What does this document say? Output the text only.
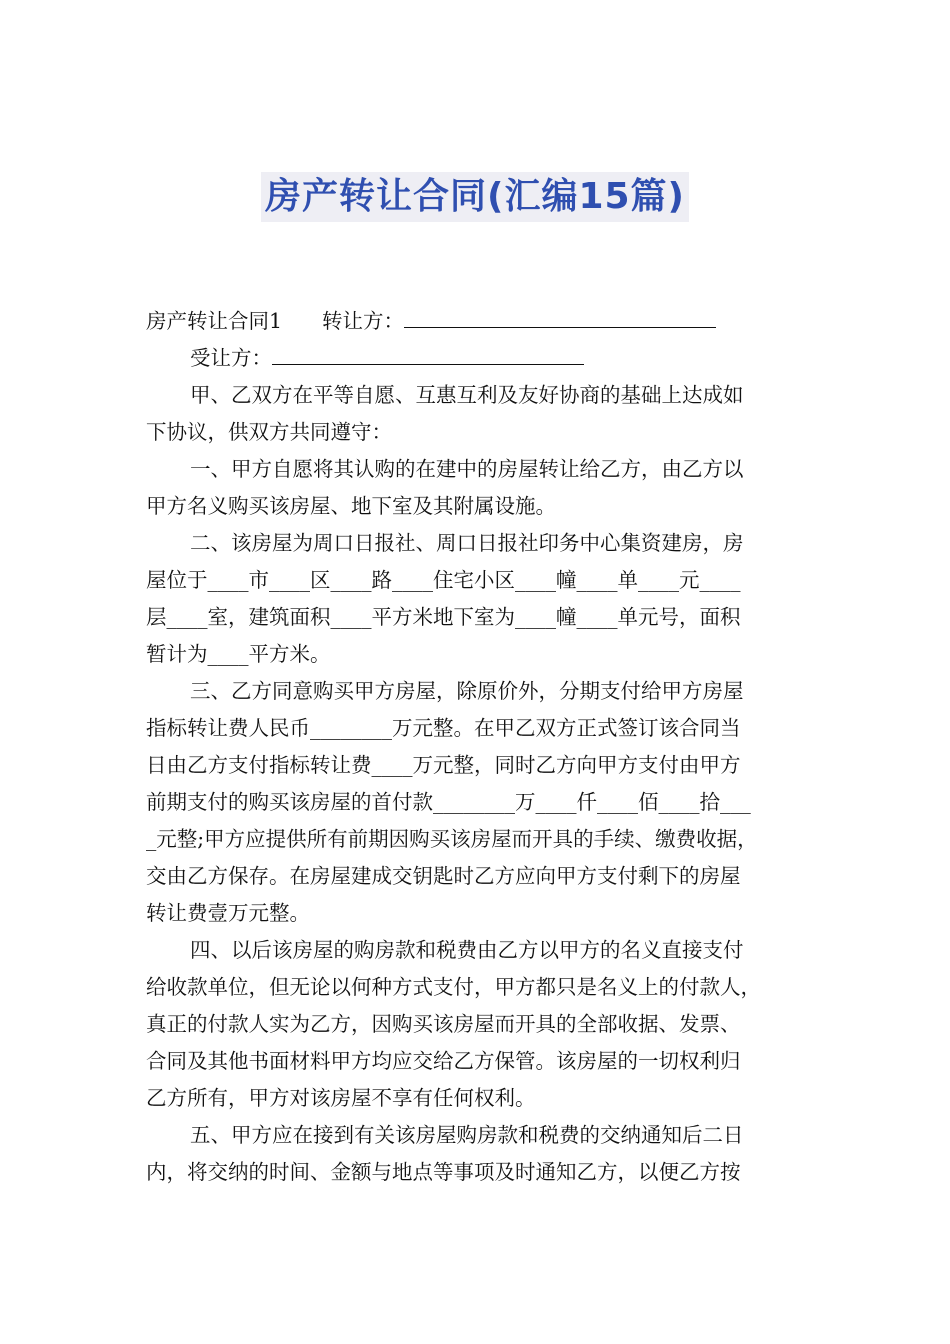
房产转让合同(汇编15篇)
房产转让合同1 转让方：
受让方：
甲、乙双方在平等自愿、互惠互利及友好协商的基础上达成如
下协议，供双方共同遵守：
一、甲方自愿将其认购的在建中的房屋转让给乙方，由乙方以
甲方名义购买该房屋、地下室及其附属设施。
二、该房屋为周口日报社、周口日报社印务中心集资建房，房
屋位于____市____区____路____住宅小区____幢____单____元____
层____室，建筑面积____平方米地下室为____幢____单元号，面积
暂计为____平方米。
三、乙方同意购买甲方房屋，除原价外，分期支付给甲方房屋
指标转让费人民币________万元整。在甲乙双方正式签订该合同当
日由乙方支付指标转让费____万元整，同时乙方向甲方支付由甲方
前期支付的购买该房屋的首付款________万____仟____佰____拾___
_元整;甲方应提供所有前期因购买该房屋而开具的手续、缴费收据，
交由乙方保存。在房屋建成交钥匙时乙方应向甲方支付剩下的房屋
转让费壹万元整。
四、以后该房屋的购房款和税费由乙方以甲方的名义直接支付
给收款单位，但无论以何种方式支付，甲方都只是名义上的付款人，
真正的付款人实为乙方，因购买该房屋而开具的全部收据、发票、
合同及其他书面材料甲方均应交给乙方保管。该房屋的一切权利归
乙方所有，甲方对该房屋不享有任何权利。
五、甲方应在接到有关该房屋购房款和税费的交纳通知后二日
内，将交纳的时间、金额与地点等事项及时通知乙方，以便乙方按
